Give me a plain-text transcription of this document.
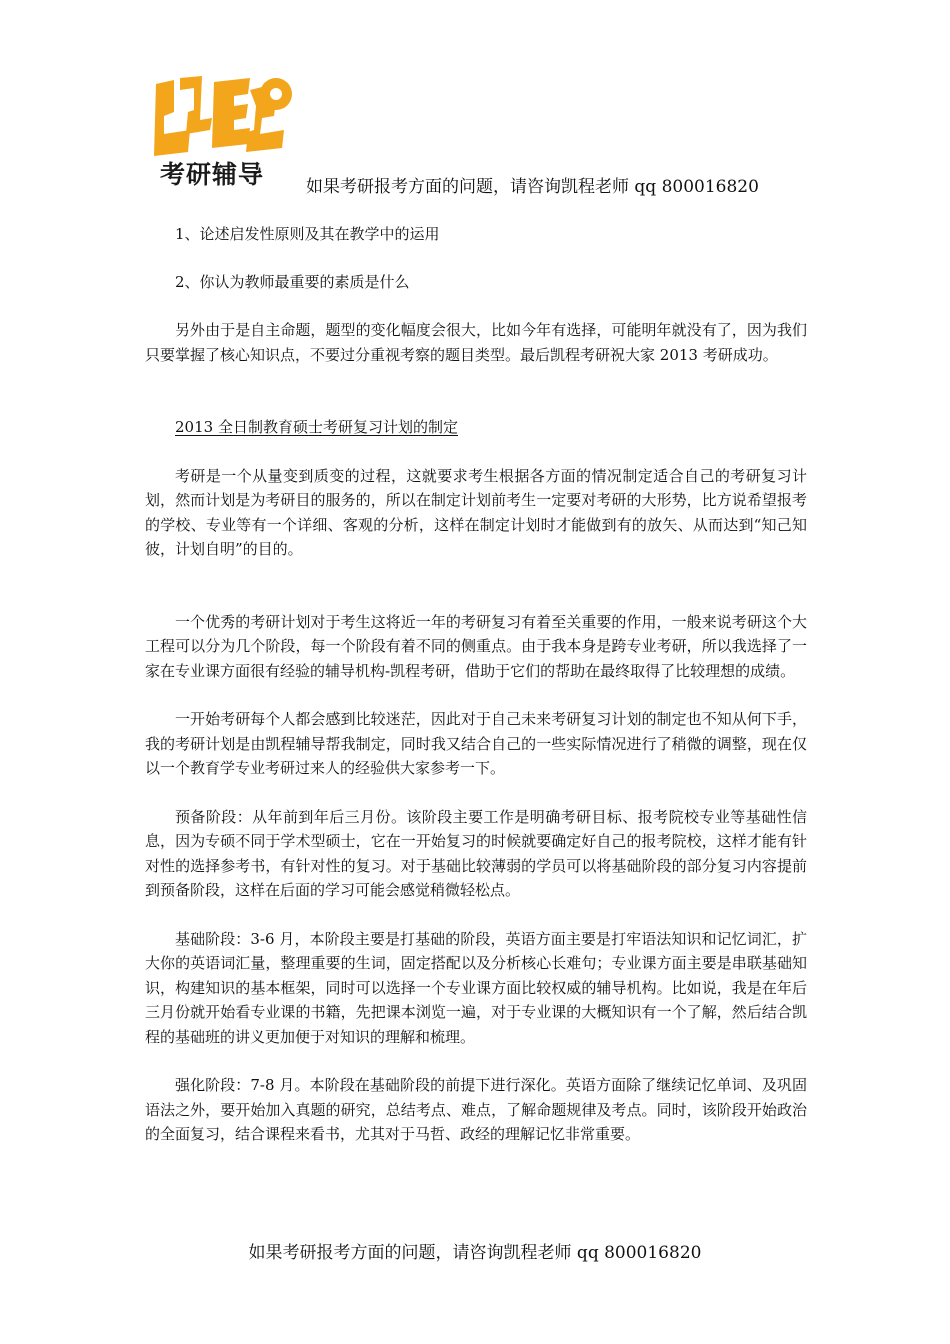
考研辅导	如果考研报考方面的问题，请咨询凯程老师 qq 800016820

1、论述启发性原则及其在教学中的运用

2、你认为教师最重要的素质是什么

另外由于是自主命题，题型的变化幅度会很大，比如今年有选择，可能明年就没有了，因为我们只要掌握了核心知识点，不要过分重视考察的题目类型。最后凯程考研祝大家 2013 考研成功。

2013 全日制教育硕士考研复习计划的制定

考研是一个从量变到质变的过程，这就要求考生根据各方面的情况制定适合自己的考研复习计划，然而计划是为考研目的服务的，所以在制定计划前考生一定要对考研的大形势，比方说希望报考的学校、专业等有一个详细、客观的分析，这样在制定计划时才能做到有的放矢、从而达到“知己知彼，计划自明”的目的。

一个优秀的考研计划对于考生这将近一年的考研复习有着至关重要的作用，一般来说考研这个大工程可以分为几个阶段，每一个阶段有着不同的侧重点。由于我本身是跨专业考研，所以我选择了一家在专业课方面很有经验的辅导机构-凯程考研，借助于它们的帮助在最终取得了比较理想的成绩。

一开始考研每个人都会感到比较迷茫，因此对于自己未来考研复习计划的制定也不知从何下手，我的考研计划是由凯程辅导帮我制定，同时我又结合自己的一些实际情况进行了稍微的调整，现在仅以一个教育学专业考研过来人的经验供大家参考一下。

预备阶段：从年前到年后三月份。该阶段主要工作是明确考研目标、报考院校专业等基础性信息，因为专硕不同于学术型硕士，它在一开始复习的时候就要确定好自己的报考院校，这样才能有针对性的选择参考书，有针对性的复习。对于基础比较薄弱的学员可以将基础阶段的部分复习内容提前到预备阶段，这样在后面的学习可能会感觉稍微轻松点。

基础阶段：3-6 月，本阶段主要是打基础的阶段，英语方面主要是打牢语法知识和记忆词汇，扩大你的英语词汇量，整理重要的生词，固定搭配以及分析核心长难句；专业课方面主要是串联基础知识，构建知识的基本框架，同时可以选择一个专业课方面比较权威的辅导机构。比如说，我是在年后三月份就开始看专业课的书籍，先把课本浏览一遍，对于专业课的大概知识有一个了解，然后结合凯程的基础班的讲义更加便于对知识的理解和梳理。

强化阶段：7-8 月。本阶段在基础阶段的前提下进行深化。英语方面除了继续记忆单词、及巩固语法之外，要开始加入真题的研究，总结考点、难点，了解命题规律及考点。同时，该阶段开始政治的全面复习，结合课程来看书，尤其对于马哲、政经的理解记忆非常重要。

如果考研报考方面的问题，请咨询凯程老师 qq 800016820
